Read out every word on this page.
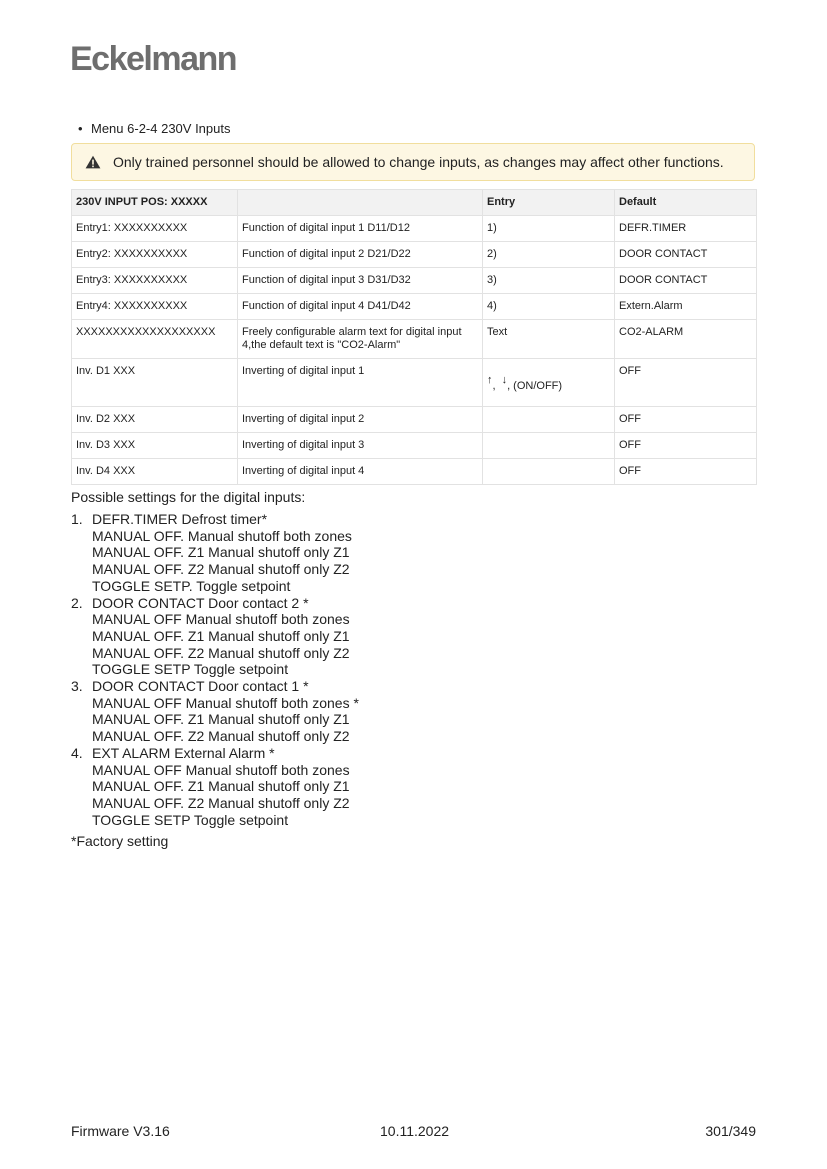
Eckelmann
• Menu 6-2-4 230V Inputs
Only trained personnel should be allowed to change inputs, as changes may affect other functions.
230V INPUT POS: XXXXX		Entry	Default
Entry1: XXXXXXXXXX	Function of digital input 1 D11/D12	1)	DEFR.TIMER
Entry2: XXXXXXXXXX	Function of digital input 2 D21/D22	2)	DOOR CONTACT
Entry3: XXXXXXXXXX	Function of digital input 3 D31/D32	3)	DOOR CONTACT
Entry4: XXXXXXXXXX	Function of digital input 4 D41/D42	4)	Extern.Alarm
XXXXXXXXXXXXXXXXXXX	Freely configurable alarm text for digital input 4,the default text is "CO2-Alarm"	Text	CO2-ALARM
Inv. D1 XXX	Inverting of digital input 1	↑ , ↓ , (ON/OFF)	OFF
Inv. D2 XXX	Inverting of digital input 2		OFF
Inv. D3 XXX	Inverting of digital input 3		OFF
Inv. D4 XXX	Inverting of digital input 4		OFF
Possible settings for the digital inputs:
1. DEFR.TIMER Defrost timer*
MANUAL OFF. Manual shutoff both zones
MANUAL OFF. Z1 Manual shutoff only Z1
MANUAL OFF. Z2 Manual shutoff only Z2
TOGGLE SETP. Toggle setpoint
2. DOOR CONTACT Door contact 2 *
MANUAL OFF Manual shutoff both zones
MANUAL OFF. Z1 Manual shutoff only Z1
MANUAL OFF. Z2 Manual shutoff only Z2
TOGGLE SETP Toggle setpoint
3. DOOR CONTACT Door contact 1 *
MANUAL OFF Manual shutoff both zones *
MANUAL OFF. Z1 Manual shutoff only Z1
MANUAL OFF. Z2 Manual shutoff only Z2
4. EXT ALARM External Alarm *
MANUAL OFF Manual shutoff both zones
MANUAL OFF. Z1 Manual shutoff only Z1
MANUAL OFF. Z2 Manual shutoff only Z2
TOGGLE SETP Toggle setpoint
*Factory setting
Firmware V3.16	10.11.2022	301/349
